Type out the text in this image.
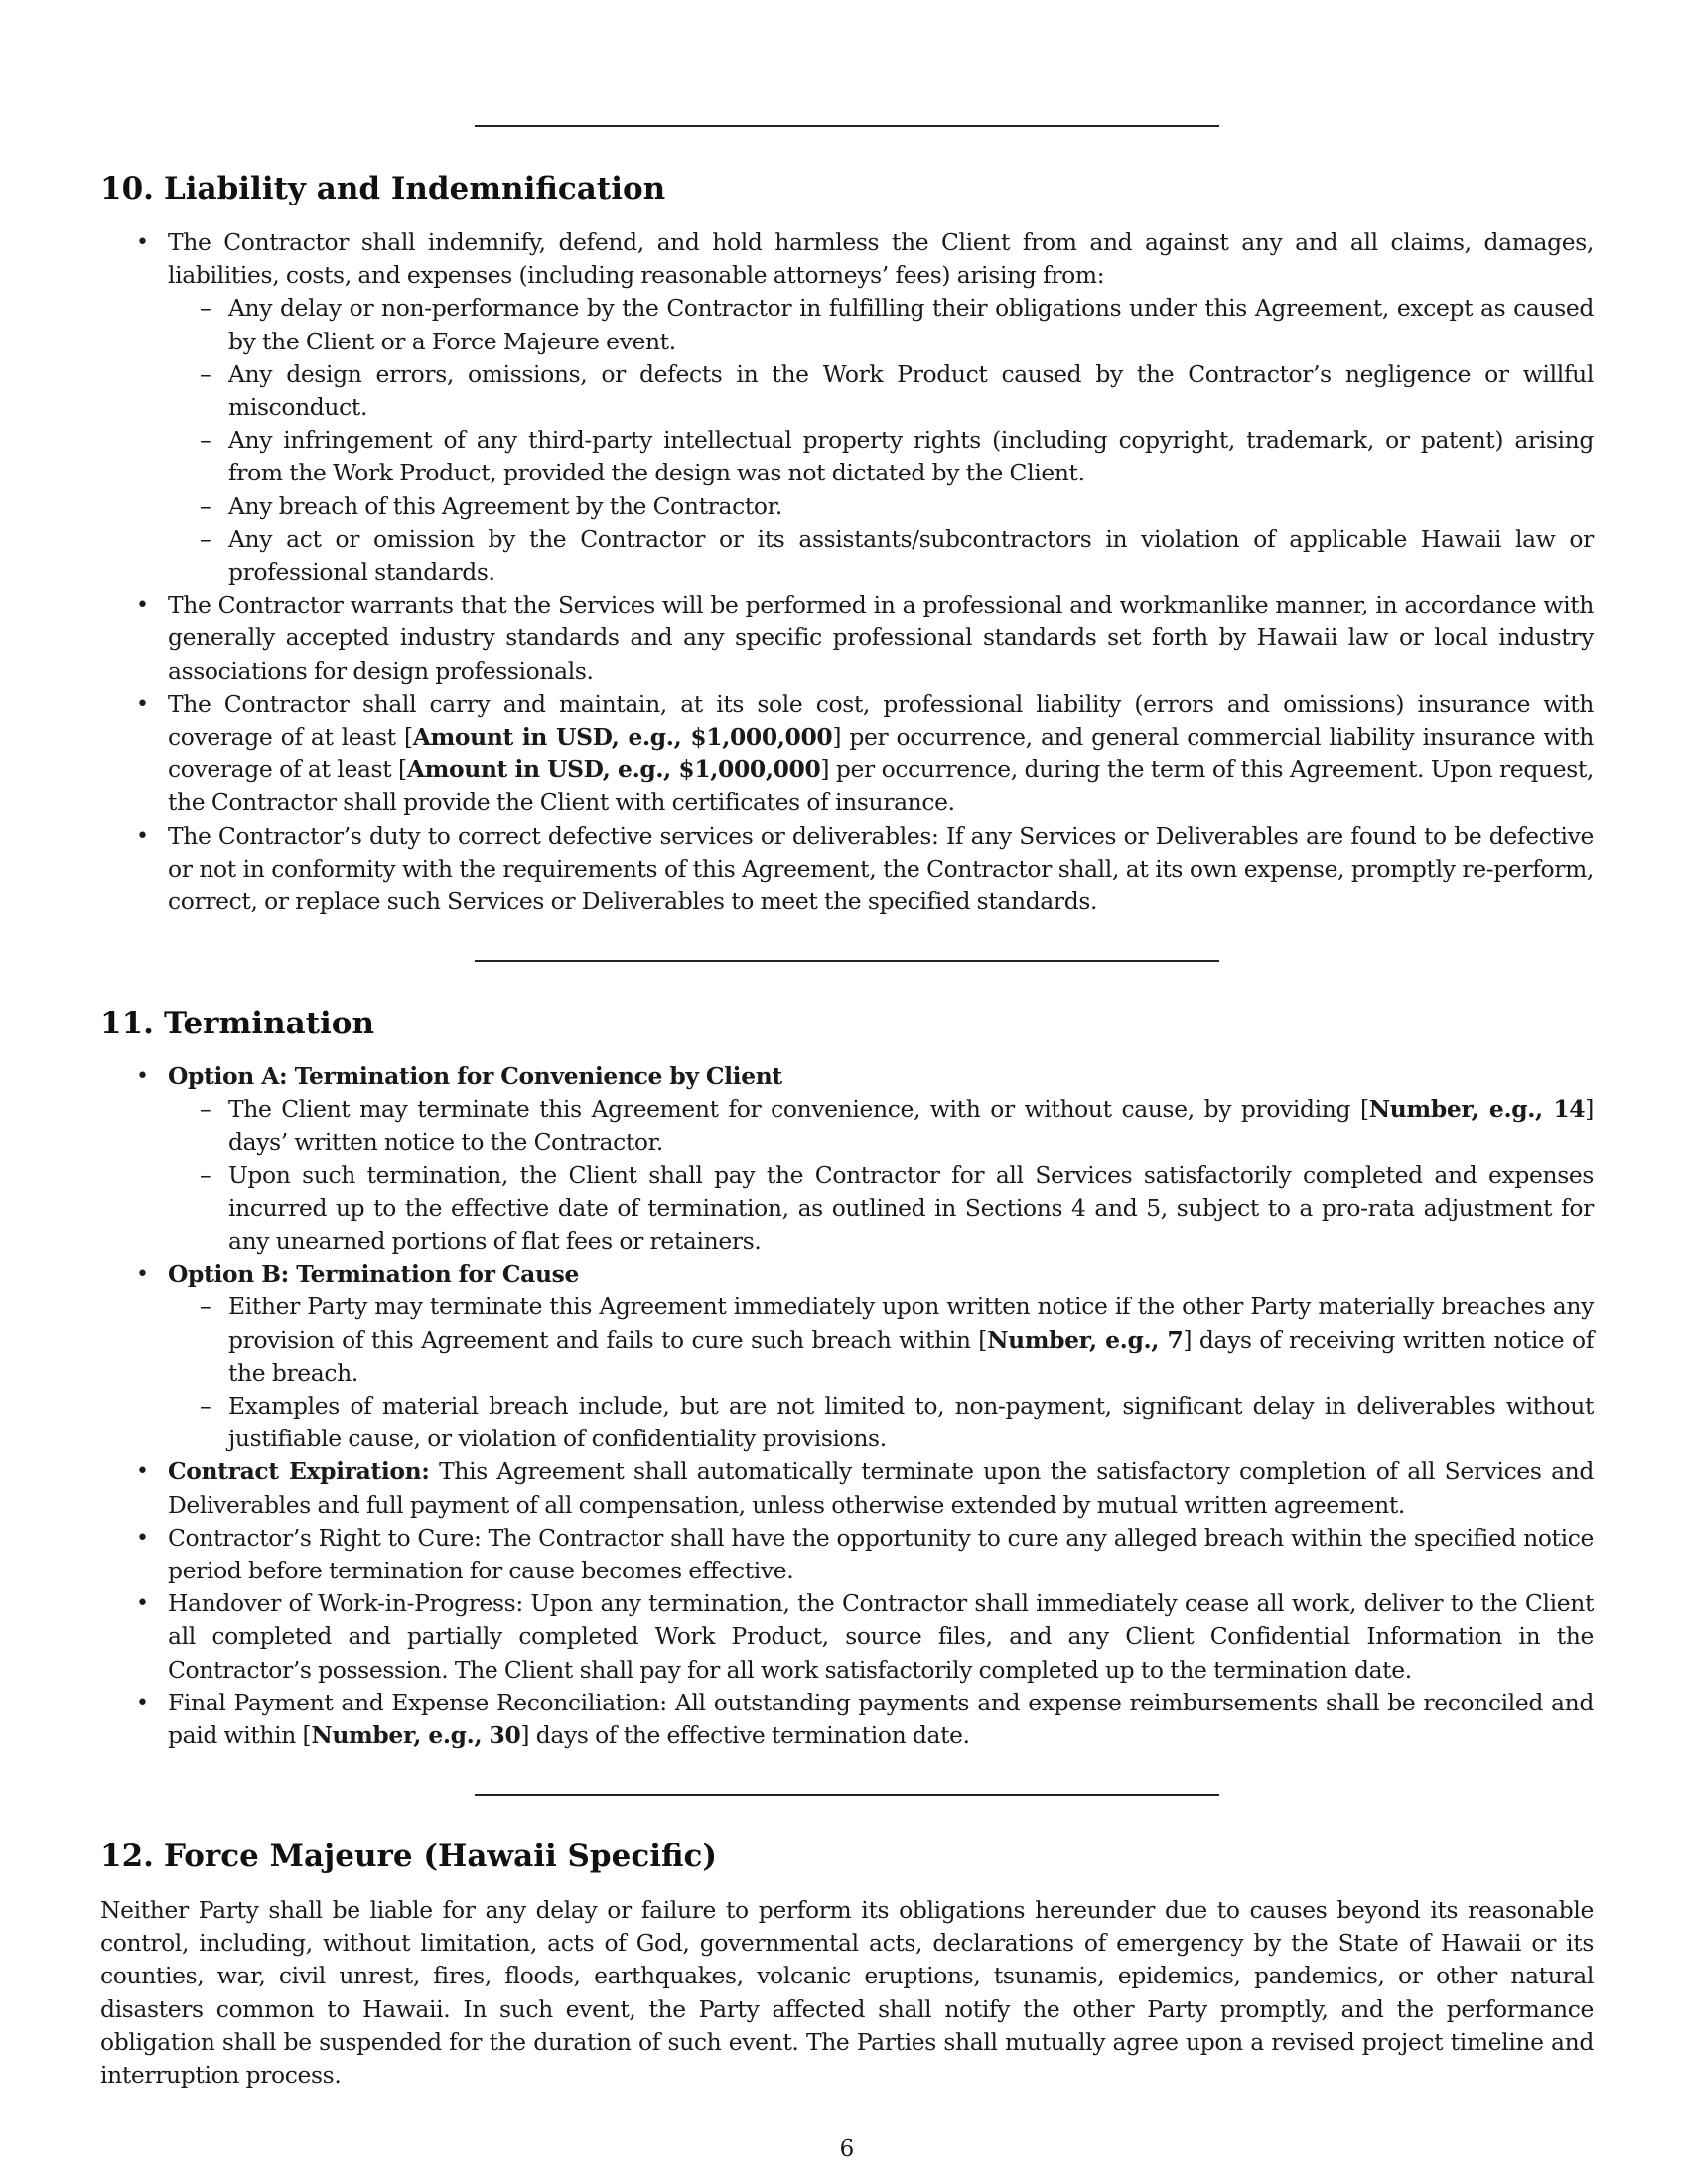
10. Liability and Indemnification
• The Contractor shall indemnify, defend, and hold harmless the Client from and against any and all claims, damages, liabilities, costs, and expenses (including reasonable attorneys’ fees) arising from:
– Any delay or non-performance by the Contractor in fulfilling their obligations under this Agreement, except as caused by the Client or a Force Majeure event.
– Any design errors, omissions, or defects in the Work Product caused by the Contractor’s negligence or willful misconduct.
– Any infringement of any third-party intellectual property rights (including copyright, trademark, or patent) arising from the Work Product, provided the design was not dictated by the Client.
– Any breach of this Agreement by the Contractor.
– Any act or omission by the Contractor or its assistants/subcontractors in violation of applicable Hawaii law or professional standards.
• The Contractor warrants that the Services will be performed in a professional and workmanlike manner, in accordance with generally accepted industry standards and any specific professional standards set forth by Hawaii law or local industry associations for design professionals.
• The Contractor shall carry and maintain, at its sole cost, professional liability (errors and omissions) insurance with coverage of at least [Amount in USD, e.g., $1,000,000] per occurrence, and general commercial liability insurance with coverage of at least [Amount in USD, e.g., $1,000,000] per occurrence, during the term of this Agreement. Upon request, the Contractor shall provide the Client with certificates of insurance.
• The Contractor’s duty to correct defective services or deliverables: If any Services or Deliverables are found to be defective or not in conformity with the requirements of this Agreement, the Contractor shall, at its own expense, promptly re-perform, correct, or replace such Services or Deliverables to meet the specified standards.
11. Termination
• Option A: Termination for Convenience by Client
– The Client may terminate this Agreement for convenience, with or without cause, by providing [Number, e.g., 14] days’ written notice to the Contractor.
– Upon such termination, the Client shall pay the Contractor for all Services satisfactorily completed and expenses incurred up to the effective date of termination, as outlined in Sections 4 and 5, subject to a pro-rata adjustment for any unearned portions of flat fees or retainers.
• Option B: Termination for Cause
– Either Party may terminate this Agreement immediately upon written notice if the other Party materially breaches any provision of this Agreement and fails to cure such breach within [Number, e.g., 7] days of receiving written notice of the breach.
– Examples of material breach include, but are not limited to, non-payment, significant delay in deliverables without justifiable cause, or violation of confidentiality provisions.
• Contract Expiration: This Agreement shall automatically terminate upon the satisfactory completion of all Services and Deliverables and full payment of all compensation, unless otherwise extended by mutual written agreement.
• Contractor’s Right to Cure: The Contractor shall have the opportunity to cure any alleged breach within the specified notice period before termination for cause becomes effective.
• Handover of Work-in-Progress: Upon any termination, the Contractor shall immediately cease all work, deliver to the Client all completed and partially completed Work Product, source files, and any Client Confidential Information in the Contractor’s possession. The Client shall pay for all work satisfactorily completed up to the termination date.
• Final Payment and Expense Reconciliation: All outstanding payments and expense reimbursements shall be reconciled and paid within [Number, e.g., 30] days of the effective termination date.
12. Force Majeure (Hawaii Specific)

Neither Party shall be liable for any delay or failure to perform its obligations hereunder due to causes beyond its reasonable control, including, without limitation, acts of God, governmental acts, declarations of emergency by the State of Hawaii or its counties, war, civil unrest, fires, floods, earthquakes, volcanic eruptions, tsunamis, epidemics, pandemics, or other natural disasters common to Hawaii. In such event, the Party affected shall notify the other Party promptly, and the performance obligation shall be suspended for the duration of such event. The Parties shall mutually agree upon a revised project timeline and interruption process.

6
